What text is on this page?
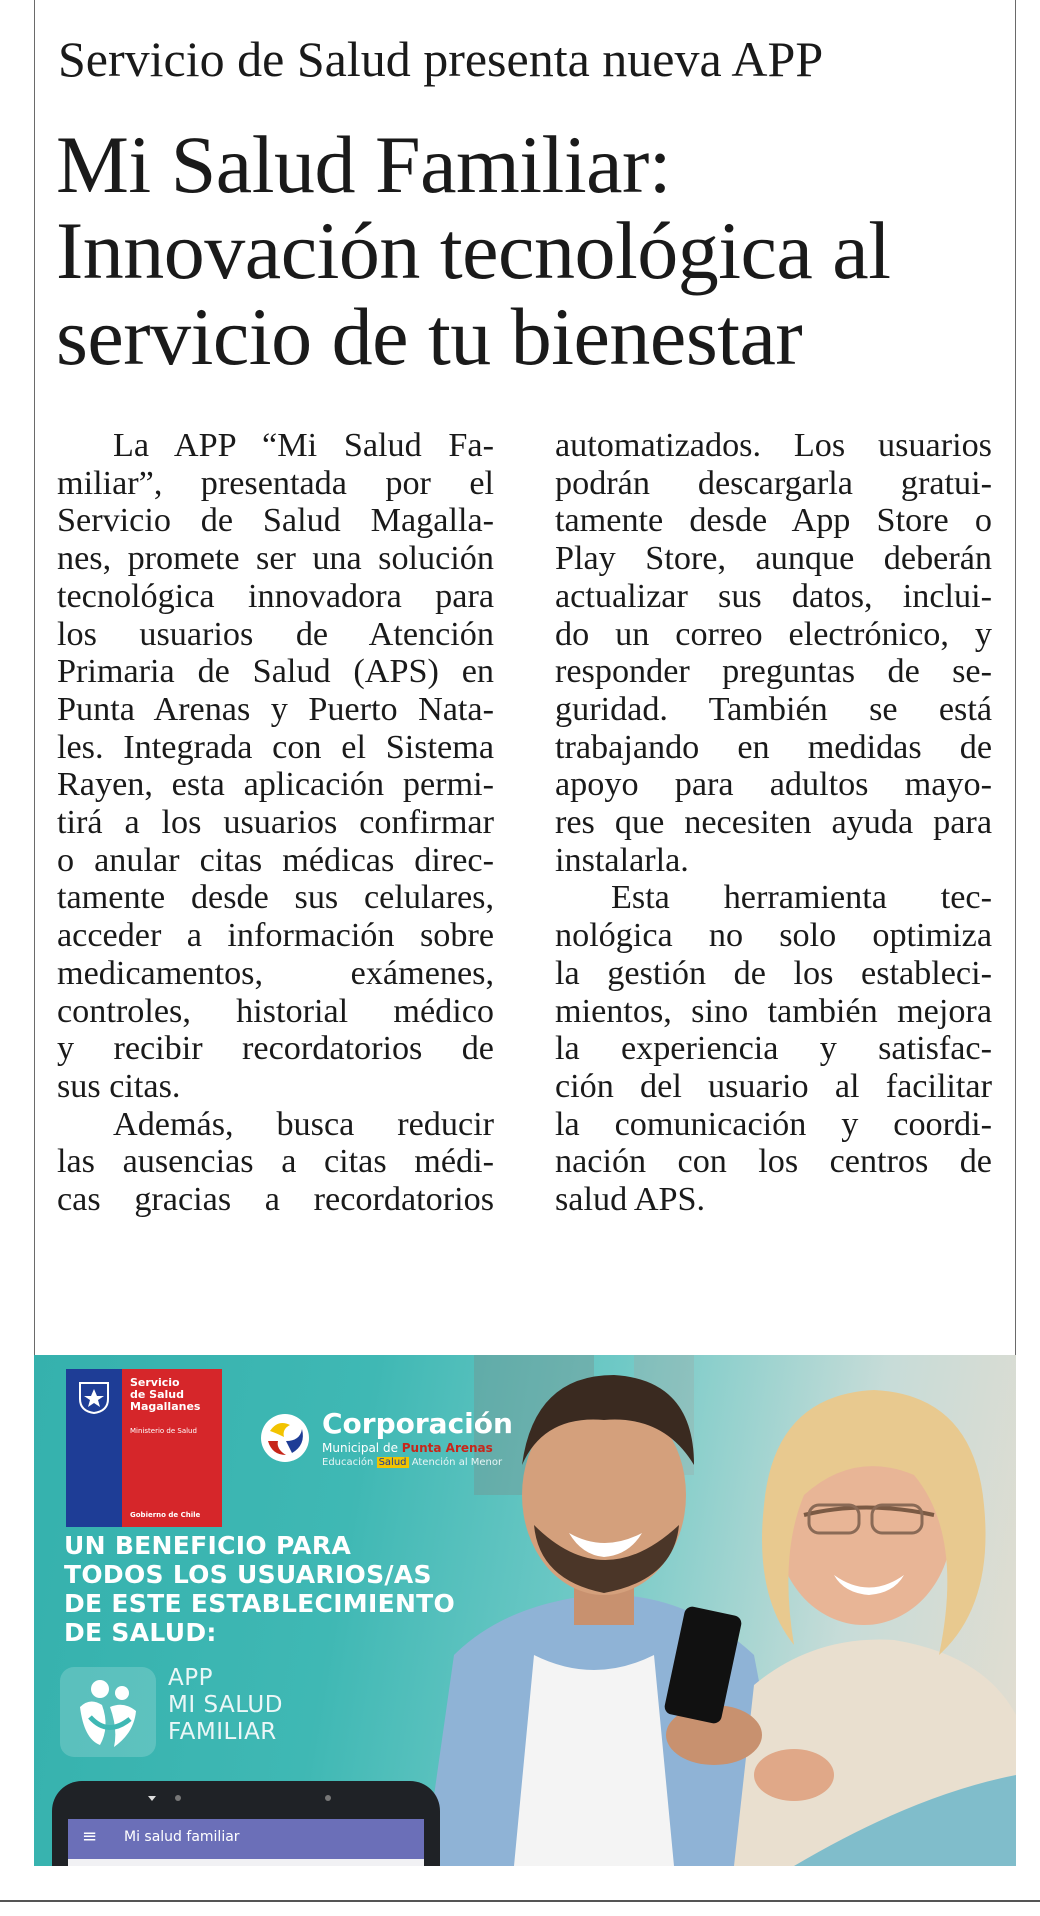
Servicio de Salud presenta nueva APP
Mi Salud Familiar:
Innovación tecnológica al
servicio de tu bienestar

La APP “Mi Salud Fa-

miliar”, presentada por el

Servicio de Salud Magalla-

nes, promete ser una solución

tecnológica innovadora para

los usuarios de Atención

Primaria de Salud (APS) en

Punta Arenas y Puerto Nata-

les. Integrada con el Sistema

Rayen, esta aplicación permi-

tirá a los usuarios confirmar

o anular citas médicas direc-

tamente desde sus celulares,

acceder a información sobre

medicamentos, exámenes,

controles, historial médico

y recibir recordatorios de

sus citas.

Además, busca reducir

las ausencias a citas médi-

cas gracias a recordatorios

automatizados. Los usuarios

podrán descargarla gratui-

tamente desde App Store o

Play Store, aunque deberán

actualizar sus datos, inclui-

do un correo electrónico, y

responder preguntas de se-

guridad. También se está

trabajando en medidas de

apoyo para adultos mayo-

res que necesiten ayuda para

instalarla.

Esta herramienta tec-

nológica no solo optimiza

la gestión de los estableci-

mientos, sino también mejora

la experiencia y satisfac-

ción del usuario al facilitar

la comunicación y coordi-

nación con los centros de

salud APS.

Servicio
de Salud
Magallanes
Ministerio de Salud
Gobierno de Chile
Corporación
Municipal de Punta Arenas
Educación Salud Atención al Menor
UN BENEFICIO PARA
TODOS LOS USUARIOS/AS
DE ESTE ESTABLECIMIENTO
DE SALUD:
APP
MI SALUD
FAMILIAR
≡ Mi salud familiar
